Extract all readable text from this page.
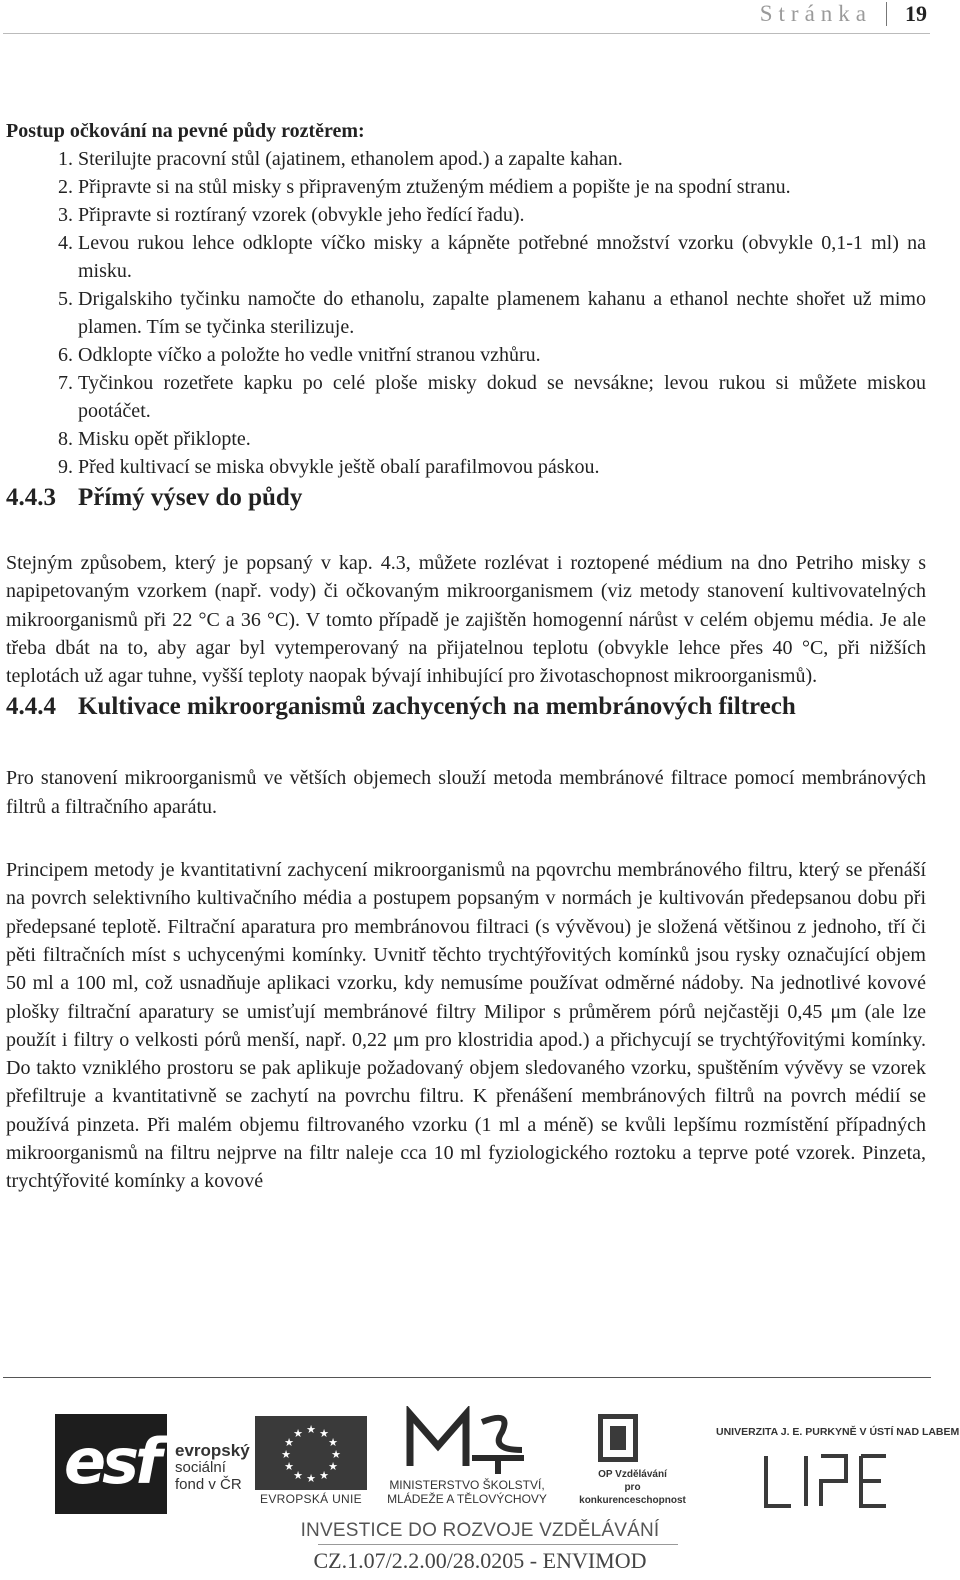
Stránka 19
Postup očkování na pevné půdy roztěrem:
1. Sterilujte pracovní stůl (ajatinem, ethanolem apod.) a zapalte kahan.
2. Připravte si na stůl misky s připraveným ztuženým médiem a popište je na spodní stranu.
3. Připravte si roztíraný vzorek (obvykle jeho ředící řadu).
4. Levou rukou lehce odklopte víčko misky a kápněte potřebné množství vzorku (obvykle 0,1-1 ml) na misku.
5. Drigalskiho tyčinku namočte do ethanolu, zapalte plamenem kahanu a ethanol nechte shořet už mimo plamen. Tím se tyčinka sterilizuje.
6. Odklopte víčko a položte ho vedle vnitřní stranou vzhůru.
7. Tyčinkou rozetřete kapku po celé ploše misky dokud se nevsákne; levou rukou si můžete miskou pootáčet.
8. Misku opět přiklopte.
9. Před kultivací se miska obvykle ještě obalí parafilmovou páskou.
4.4.3 Přímý výsev do půdy

Stejným způsobem, který je popsaný v kap. 4.3, můžete rozlévat i roztopené médium na dno Petriho misky s napipetovaným vzorkem (např. vody) či očkovaným mikroorganismem (viz metody stanovení kultivovatelných mikroorganismů při 22 °C a 36 °C). V tomto případě je zajištěn homogenní nárůst v celém objemu média. Je ale třeba dbát na to, aby agar byl vytemperovaný na přijatelnou teplotu (obvykle lehce přes 40 °C, při nižších teplotách už agar tuhne, vyšší teploty naopak bývají inhibující pro životaschopnost mikroorganismů).

4.4.4 Kultivace mikroorganismů zachycených na membránových filtrech

Pro stanovení mikroorganismů ve větších objemech slouží metoda membránové filtrace pomocí membránových filtrů a filtračního aparátu.

Principem metody je kvantitativní zachycení mikroorganismů na pqovrchu membránového filtru, který se přenáší na povrch selektivního kultivačního média a postupem popsaným v normách je kultivován předepsanou dobu při předepsané teplotě. Filtrační aparatura pro membránovou filtraci (s vývěvou) je složená většinou z jednoho, tří či pěti filtračních míst s uchycenými komínky. Uvnitř těchto trychtýřovitých komínků jsou rysky označující objem 50 ml a 100 ml, což usnadňuje aplikaci vzorku, kdy nemusíme používat odměrné nádoby. Na jednotlivé kovové plošky filtrační aparatury se umisťují membránové filtry Milipor s průměrem pórů nejčastěji 0,45 μm (ale lze použít i filtry o velkosti pórů menší, např. 0,22 μm pro klostridia apod.) a přichycují se trychtýřovitými komínky. Do takto vzniklého prostoru se pak aplikuje požadovaný objem sledovaného vzorku, spuštěním vývěvy se vzorek přefiltruje a kvantitativně se zachytí na povrchu filtru. K přenášení membránových filtrů na povrch médií se používá pinzeta. Při malém objemu filtrovaného vzorku (1 ml a méně) se kvůli lepšímu rozmístění případných mikroorganismů na filtru nejprve na filtr naleje cca 10 ml fyziologického roztoku a teprve poté vzorek. Pinzeta, trychtýřovité komínky a kovové

esf	evropský
sociální
fond v ČR
★ ★
★
★
★
★
★
★
★
★
★
★
EVROPSKÁ UNIE
MINISTERSTVO ŠKOLSTVÍ,
MLÁDEŽE A TĚLOVÝCHOVY
OP Vzdělávání
pro konkurenceschopnost
UNIVERZITA J. E. PURKYNĚ V ÚSTÍ NAD LABEM
INVESTICE DO ROZVOJE VZDĚLÁVÁNÍ
CZ.1.07/2.2.00/28.0205 - ENVIMOD
